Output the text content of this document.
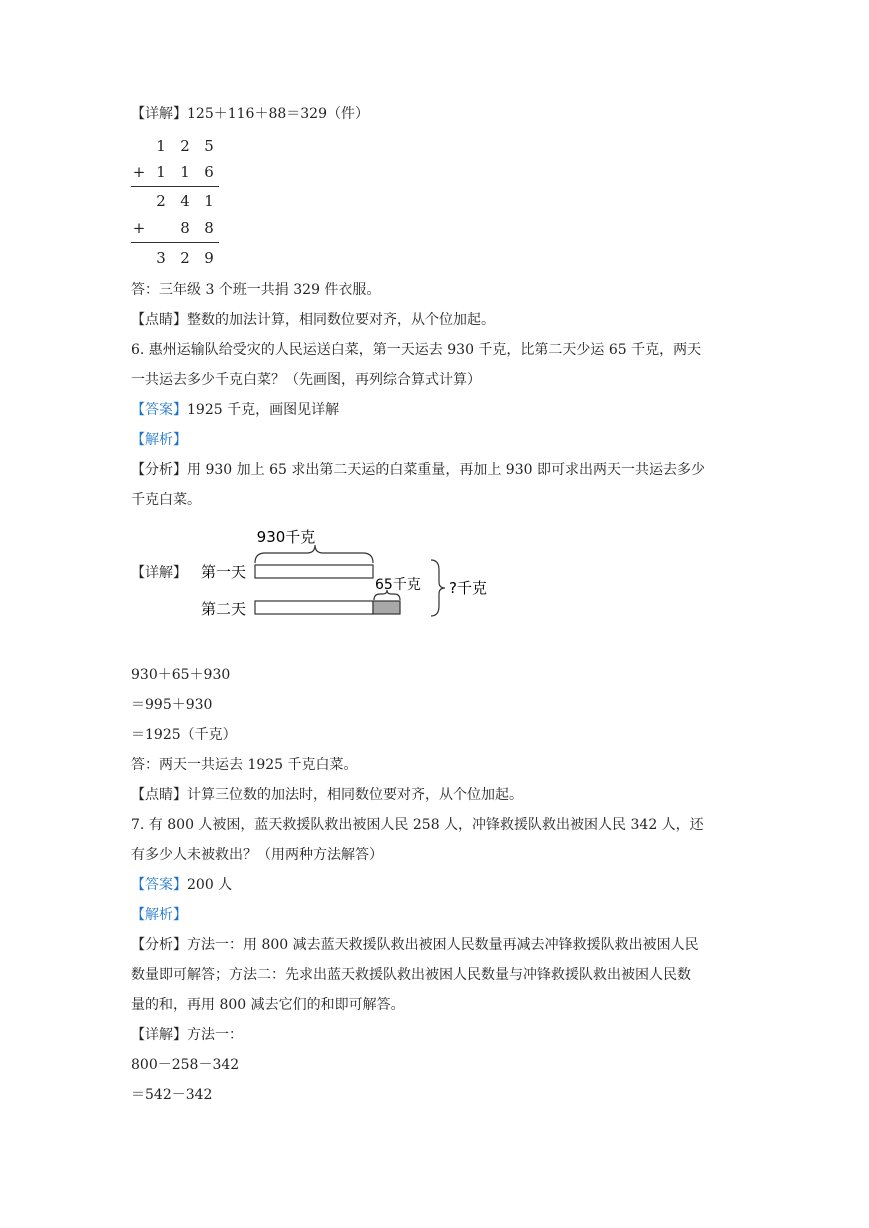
【详解】125＋116＋88＝329（件）
1 2 5
+ 1 1 6
2 4 1
+ 8 8
3 2 9
答：三年级 3 个班一共捐 329 件衣服。
【点睛】整数的加法计算，相同数位要对齐，从个位加起。
6. 惠州运输队给受灾的人民运送白菜，第一天运去 930 千克，比第二天少运 65 千克，两天
一共运去多少千克白菜？（先画图，再列综合算式计算）
【答案】1925 千克，画图见详解
【解析】
【分析】用 930 加上 65 求出第二天运的白菜重量，再加上 930 即可求出两天一共运去多少
千克白菜。
【详解】
930千克
第一天
65千克
第二天
?千克
930＋65＋930
＝995＋930
＝1925（千克）
答：两天一共运去 1925 千克白菜。
【点睛】计算三位数的加法时，相同数位要对齐，从个位加起。
7. 有 800 人被困，蓝天救援队救出被困人民 258 人，冲锋救援队救出被困人民 342 人，还
有多少人未被救出？（用两种方法解答）
【答案】200 人
【解析】
【分析】方法一：用 800 减去蓝天救援队救出被困人民数量再减去冲锋救援队救出被困人民
数量即可解答；方法二：先求出蓝天救援队救出被困人民数量与冲锋救援队救出被困人民数
量的和，再用 800 减去它们的和即可解答。
【详解】方法一：
800－258－342
＝542－342
